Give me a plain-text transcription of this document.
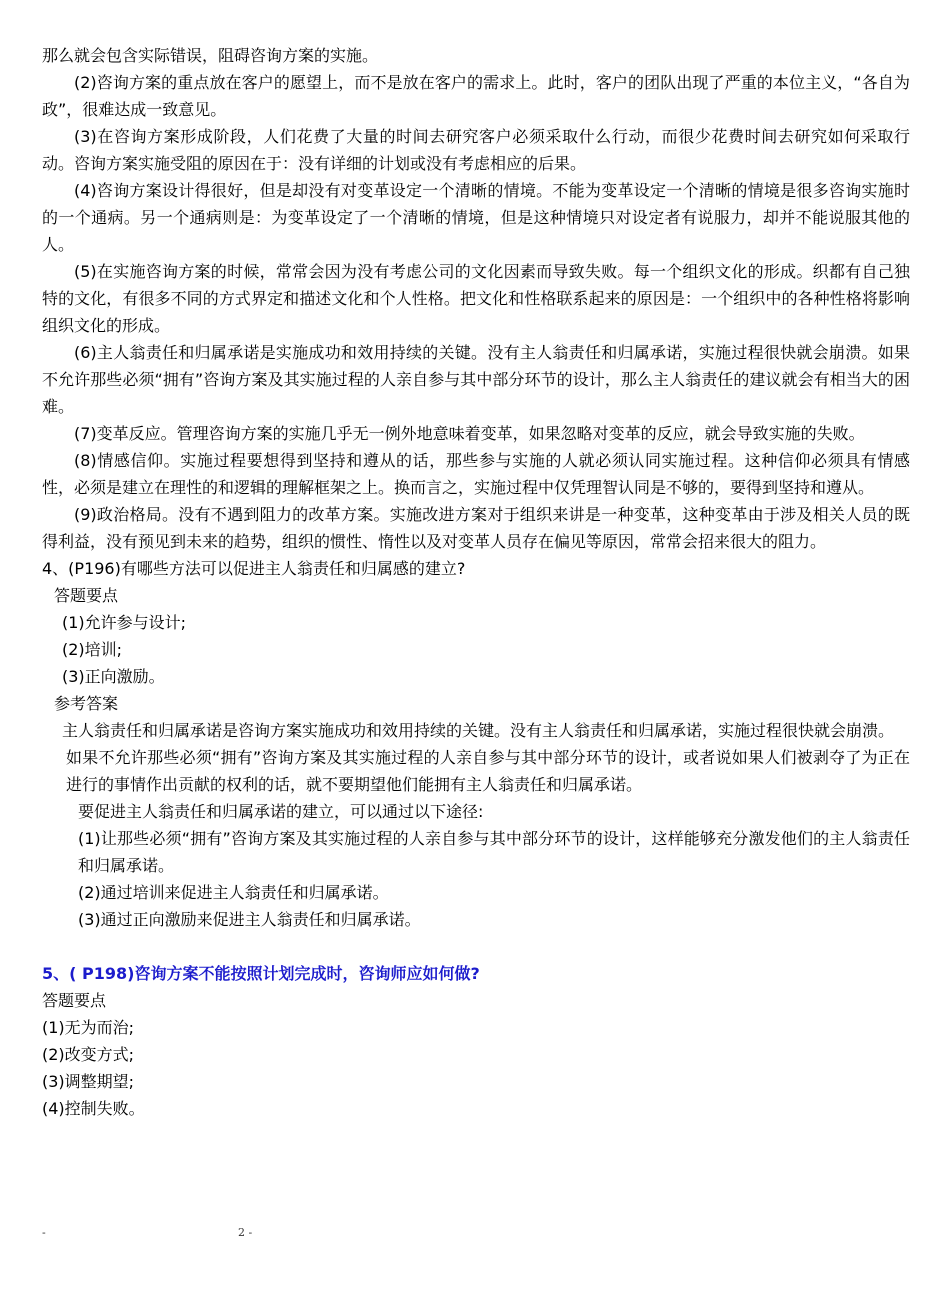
那么就会包含实际错误，阻碍咨询方案的实施。

(2)咨询方案的重点放在客户的愿望上，而不是放在客户的需求上。此时，客户的团队出现了严重的本位主义，“各自为政”，很难达成一致意见。

(3)在咨询方案形成阶段，人们花费了大量的时间去研究客户必须采取什么行动，而很少花费时间去研究如何采取行动。咨询方案实施受阻的原因在于：没有详细的计划或没有考虑相应的后果。

(4)咨询方案设计得很好，但是却没有对变革设定一个清晰的情境。不能为变革设定一个清晰的情境是很多咨询实施时的一个通病。另一个通病则是：为变革设定了一个清晰的情境，但是这种情境只对设定者有说服力，却并不能说服其他的人。

(5)在实施咨询方案的时候，常常会因为没有考虑公司的文化因素而导致失败。每一个组织文化的形成。织都有自己独特的文化，有很多不同的方式界定和描述文化和个人性格。把文化和性格联系起来的原因是：一个组织中的各种性格将影响组织文化的形成。

(6)主人翁责任和归属承诺是实施成功和效用持续的关键。没有主人翁责任和归属承诺，实施过程很快就会崩溃。如果不允许那些必须“拥有”咨询方案及其实施过程的人亲自参与其中部分环节的设计，那么主人翁责任的建议就会有相当大的困难。

(7)变革反应。管理咨询方案的实施几乎无一例外地意味着变革，如果忽略对变革的反应，就会导致实施的失败。

(8)情感信仰。实施过程要想得到坚持和遵从的话，那些参与实施的人就必须认同实施过程。这种信仰必须具有情感性，必须是建立在理性的和逻辑的理解框架之上。换而言之，实施过程中仅凭理智认同是不够的，要得到坚持和遵从。

(9)政治格局。没有不遇到阻力的改革方案。实施改进方案对于组织来讲是一种变革，这种变革由于涉及相关人员的既得利益，没有预见到未来的趋势，组织的惯性、惰性以及对变革人员存在偏见等原因，常常会招来很大的阻力。

4、(P196)有哪些方法可以促进主人翁责任和归属感的建立?

答题要点

(1)允许参与设计;

(2)培训;

(3)正向激励。

参考答案

主人翁责任和归属承诺是咨询方案实施成功和效用持续的关键。没有主人翁责任和归属承诺，实施过程很快就会崩溃。

如果不允许那些必须“拥有”咨询方案及其实施过程的人亲自参与其中部分环节的设计，或者说如果人们被剥夺了为正在进行的事情作出贡献的权利的话，就不要期望他们能拥有主人翁责任和归属承诺。

要促进主人翁责任和归属承诺的建立，可以通过以下途径:

(1)让那些必须“拥有”咨询方案及其实施过程的人亲自参与其中部分环节的设计，这样能够充分激发他们的主人翁责任和归属承诺。

(2)通过培训来促进主人翁责任和归属承诺。

(3)通过正向激励来促进主人翁责任和归属承诺。

5、( P198)咨询方案不能按照计划完成时，咨询师应如何做?

答题要点

(1)无为而治;

(2)改变方式;

(3)调整期望;

(4)控制失败。

-	2 -
